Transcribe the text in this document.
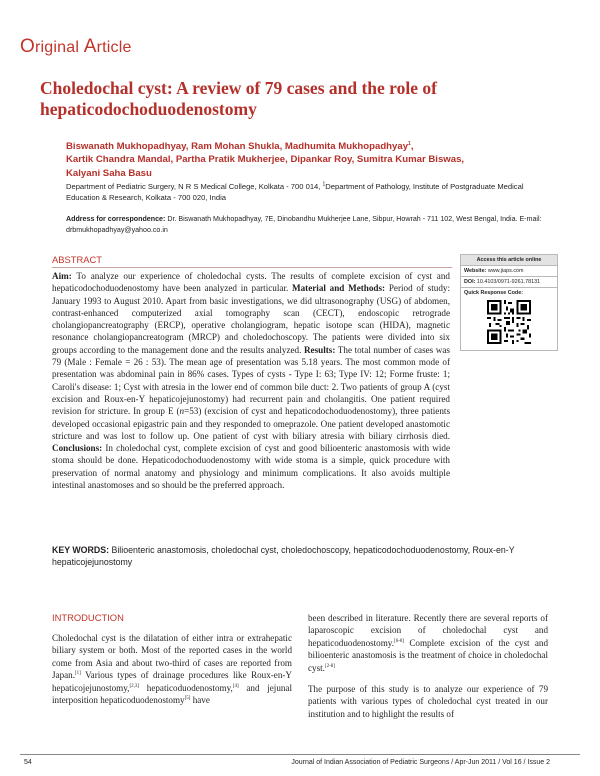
Original Article
Choledochal cyst: A review of 79 cases and the role of hepaticodochoduodenostomy
Biswanath Mukhopadhyay, Ram Mohan Shukla, Madhumita Mukhopadhyay$^1$,
Kartik Chandra Mandal, Partha Pratik Mukherjee, Dipankar Roy, Sumitra Kumar Biswas,
Kalyani Saha Basu
Department of Pediatric Surgery, N R S Medical College, Kolkata - 700 014, $^1$Department of Pathology, Institute of Postgraduate Medical Education & Research, Kolkata - 700 020, India
Address for correspondence: Dr. Biswanath Mukhopadhyay, 7E, Dinobandhu Mukherjee Lane, Sibpur, Howrah - 711 102, West Bengal, India. E-mail: drbmukhopadhyay@yahoo.co.in
ABSTRACT
Aim: To analyze our experience of choledochal cysts. The results of complete excision of cyst and hepaticodochoduodenostomy have been analyzed in particular. Material and Methods: Period of study: January 1993 to August 2010. Apart from basic investigations, we did ultrasonography (USG) of abdomen, contrast-enhanced computerized axial tomography scan (CECT), endoscopic retrograde cholangiopancreatography (ERCP), operative cholangiogram, hepatic isotope scan (HIDA), magnetic resonance cholangiopancreatogram (MRCP) and choledochoscopy. The patients were divided into six groups according to the management done and the results analyzed. Results: The total number of cases was 79 (Male : Female = 26 : 53). The mean age of presentation was 5.18 years. The most common mode of presentation was abdominal pain in 86% cases. Types of cysts - Type I: 63; Type IV: 12; Forme fruste: 1; Caroli's disease: 1; Cyst with atresia in the lower end of common bile duct: 2. Two patients of group A (cyst excision and Roux-en-Y hepaticojejunostomy) had recurrent pain and cholangitis. One patient required revision for stricture. In group E (n=53) (excision of cyst and hepaticodochoduodenostomy), three patients developed occasional epigastric pain and they responded to omeprazole. One patient developed anastomotic stricture and was lost to follow up. One patient of cyst with biliary atresia with biliary cirrhosis died. Conclusions: In choledochal cyst, complete excision of cyst and good bilioenteric anastomosis with wide stoma should be done. Hepaticodochoduodenostomy with wide stoma is a simple, quick procedure with preservation of normal anatomy and physiology and minimum complications. It also avoids multiple intestinal anastomoses and so should be the preferred approach.
Access this article online
Website: www.jiaps.com
DOI: 10.4103/0971-9261.78131
Quick Response Code:
KEY WORDS: Bilioenteric anastomosis, choledochal cyst, choledochoscopy, hepaticodochoduodenostomy, Roux-en-Y hepaticojejunostomy
INTRODUCTION

Choledochal cyst is the dilatation of either intra or extrahepatic biliary system or both. Most of the reported cases in the world come from Asia and about two-third of cases are reported from Japan.[1] Various types of drainage procedures like Roux-en-Y hepaticojejunostomy,[2,3] hepaticoduodenostomy,[4] and jejunal interposition hepaticoduodenostomy[5] have

been described in literature. Recently there are several reports of laparoscopic excision of choledochal cyst and hepaticoduodenostomy.[6-8] Complete excision of the cyst and bilioenteric anastomosis is the treatment of choice in choledochal cyst.[2-8]

The purpose of this study is to analyze our experience of 79 patients with various types of choledochal cyst treated in our institution and to highlight the results of

54	Journal of Indian Association of Pediatric Surgeons / Apr-Jun 2011 / Vol 16 / Issue 2
